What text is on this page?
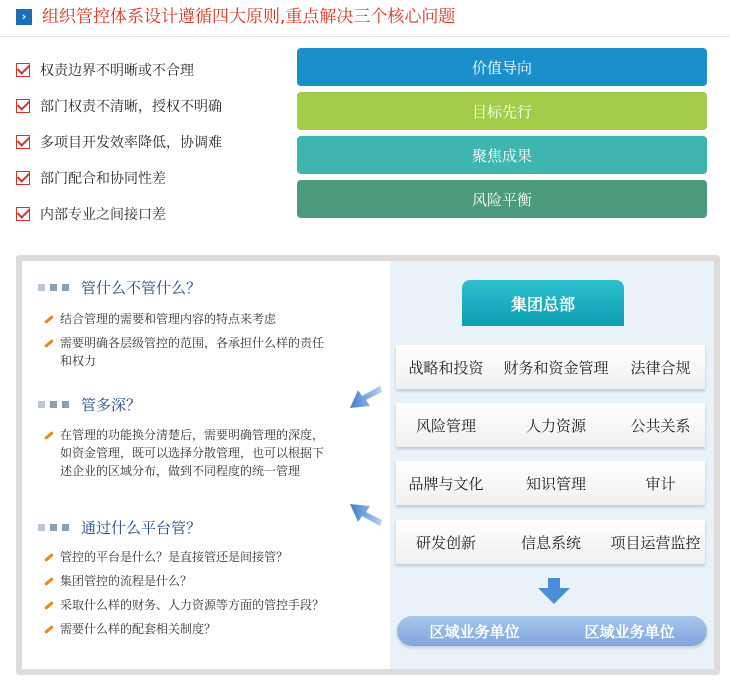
› 组织管控体系设计遵循四大原则,重点解决三个核心问题
权责边界不明晰或不合理
部门权责不清晰，授权不明确
多项目开发效率降低，协调难
部门配合和协同性差
内部专业之间接口差
价值导向
目标先行
聚焦成果
风险平衡
管什么不管什么？
结合管理的需要和管理内容的特点来考虑
需要明确各层级管控的范围，各承担什么样的责任和权力
管多深？
在管理的功能换分清楚后，需要明确管理的深度，如资金管理，既可以选择分散管理，也可以根据下述企业的区域分布，做到不同程度的统一管理
通过什么平台管？
管控的平台是什么？是直接管还是间接管？
集团管控的流程是什么？
采取什么样的财务、人力资源等方面的管控手段？
需要什么样的配套相关制度？
集团总部
战略和投资	财务和资金管理	法律合规
风险管理	人力资源	公共关系
品牌与文化	知识管理	审计
研发创新	信息系统	项目运营监控
区域业务单位	区域业务单位
